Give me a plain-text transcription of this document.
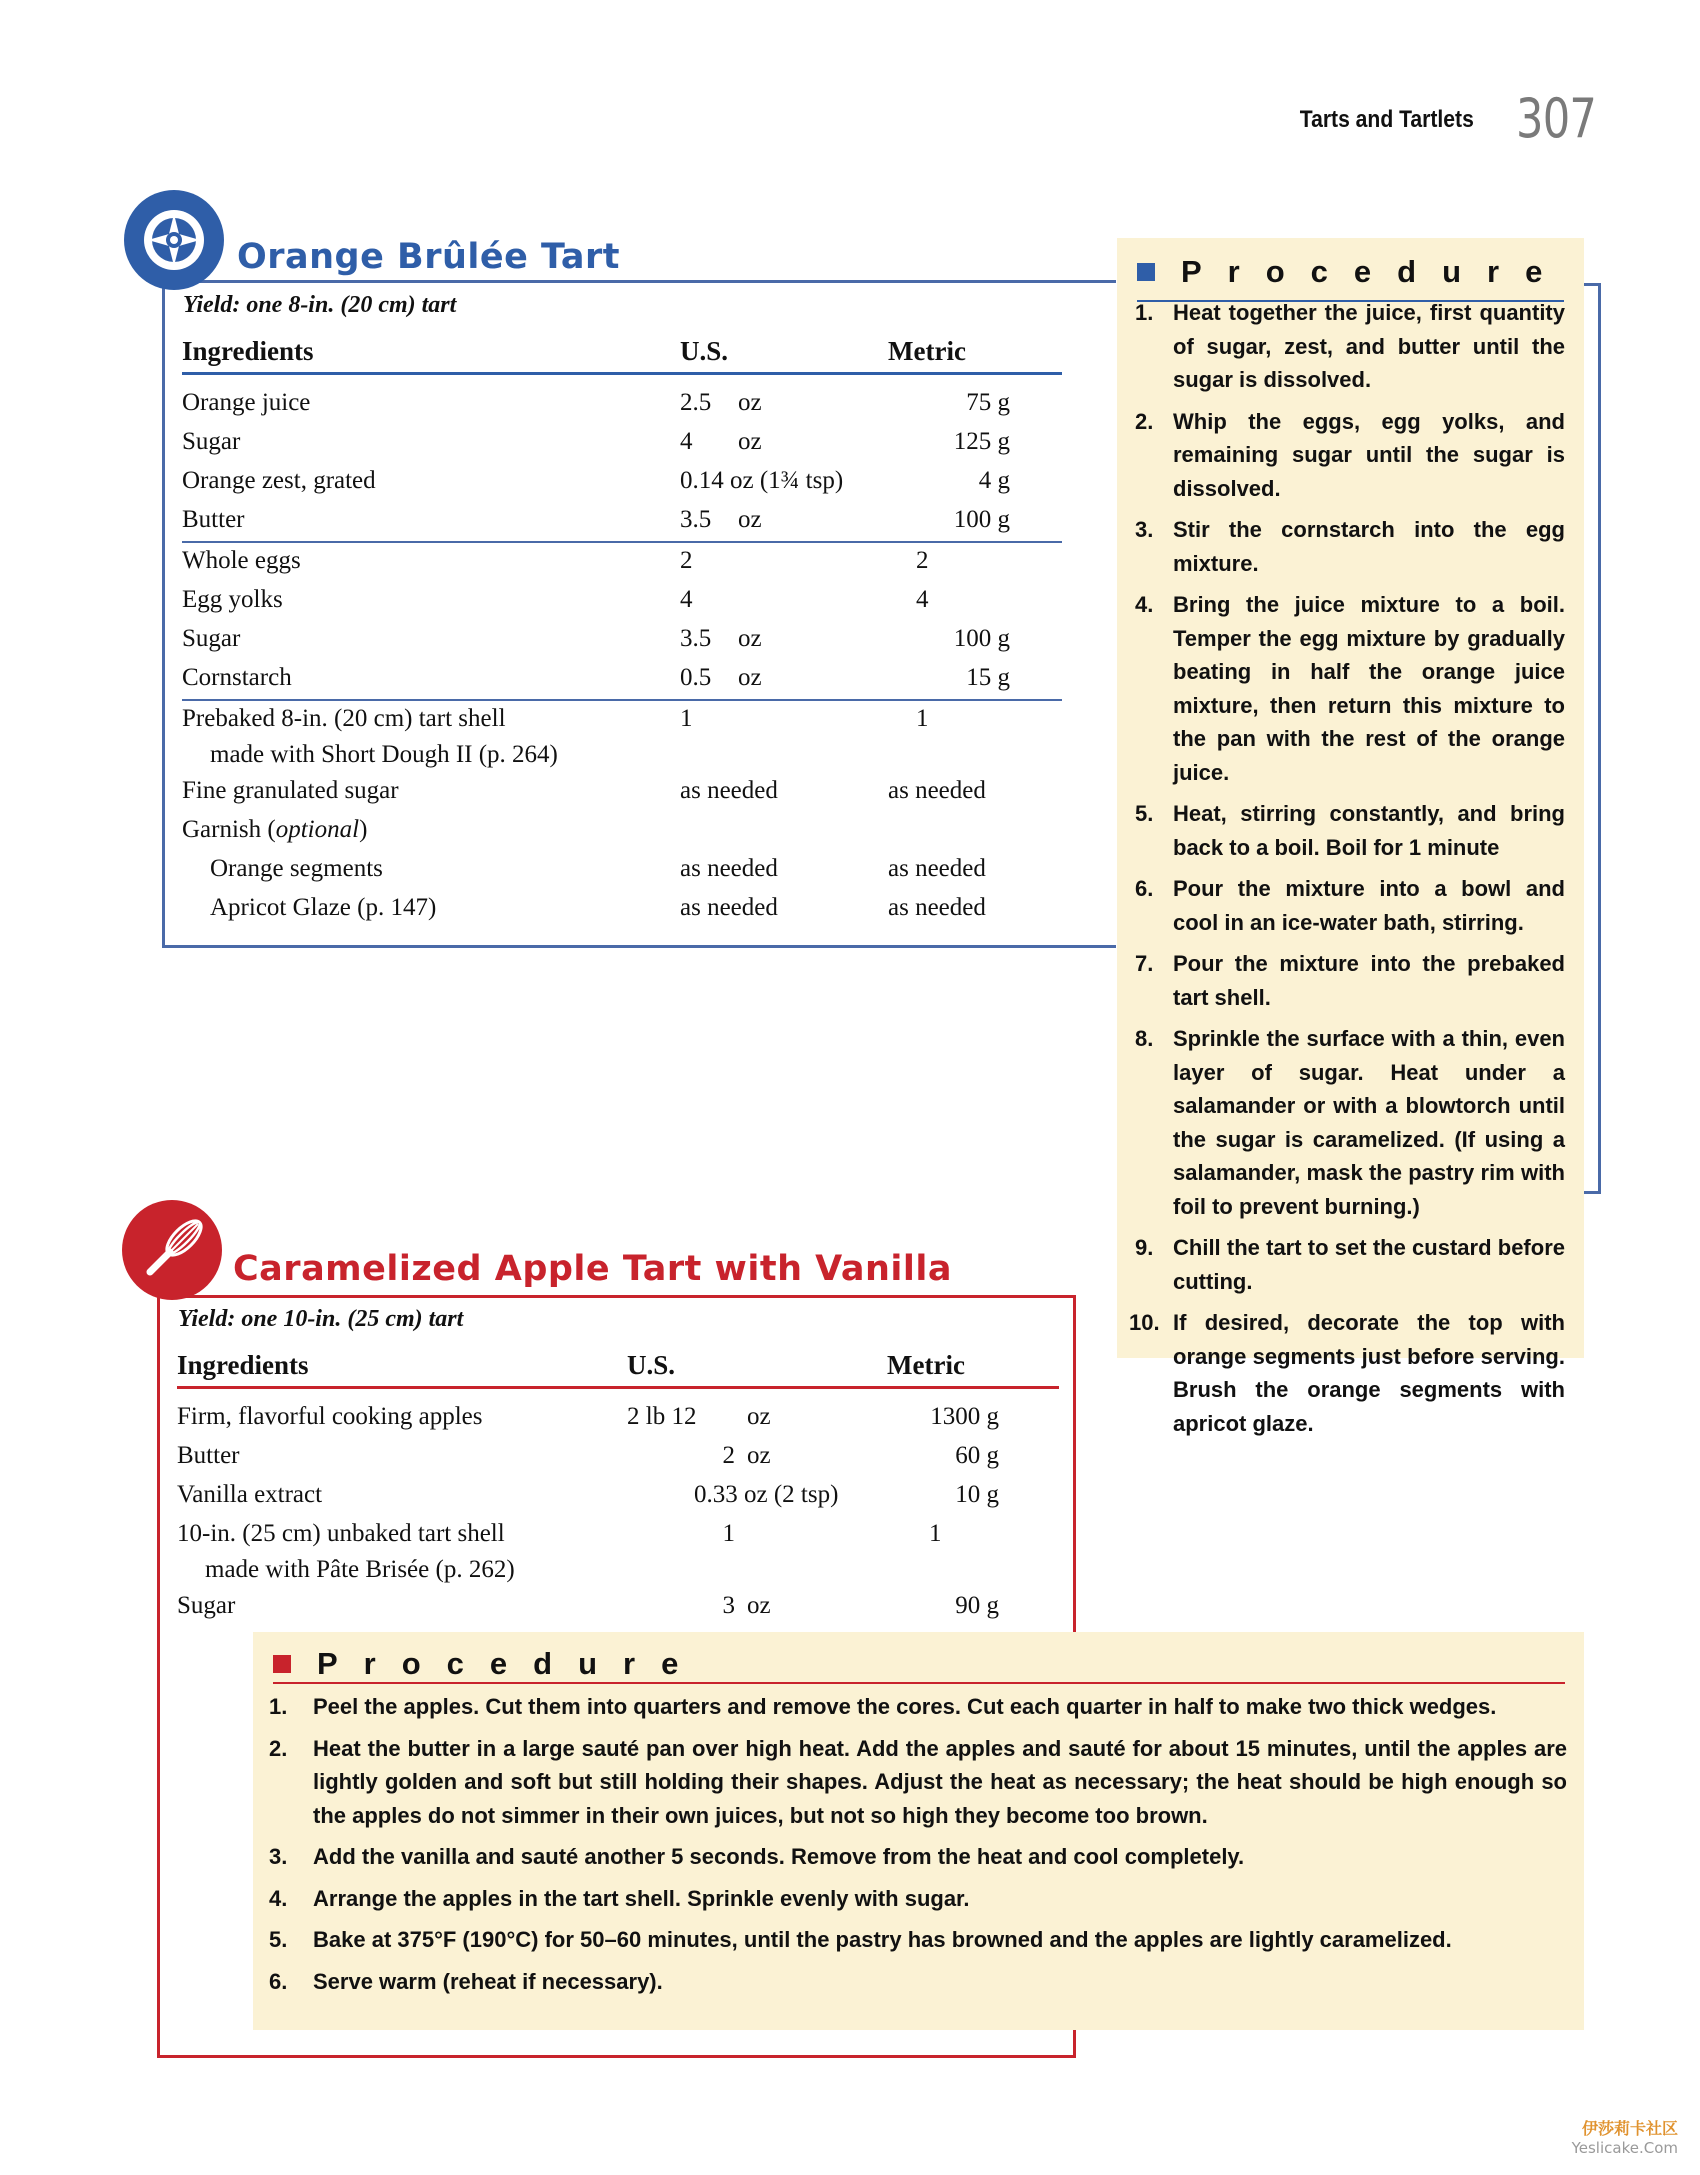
Tarts and Tartlets 307
Orange Brûlée Tart
Yield: one 8-in. (20 cm) tart
Ingredients	U.S.		Metric
Orange juice	2.5	oz	75 g
Sugar	4	oz	125 g
Orange zest, grated	0.14 oz (1¾ tsp)		4 g
Butter	3.5	oz	100 g
Whole eggs	2		2
Egg yolks	4		4
Sugar	3.5	oz	100 g
Cornstarch	0.5	oz	15 g

Prebaked 8-in. (20 cm) tart shell
made with Short Dough II (p. 264)	1		1
Fine granulated sugar	as needed		as needed
Garnish (optional)			
Orange segments	as needed		as needed
Apricot Glaze (p. 147)	as needed		as needed
Procedure
1. Heat together the juice, first quantity of sugar, zest, and butter until the sugar is dissolved.
2. Whip the eggs, egg yolks, and remaining sugar until the sugar is dissolved.
3. Stir the cornstarch into the egg mixture.
4. Bring the juice mixture to a boil. Temper the egg mixture by gradually beating in half the orange juice mixture, then return this mixture to the pan with the rest of the orange juice.
5. Heat, stirring constantly, and bring back to a boil. Boil for 1 minute
6. Pour the mixture into a bowl and cool in an ice-water bath, stirring.
7. Pour the mixture into the prebaked tart shell.
8. Sprinkle the surface with a thin, even layer of sugar. Heat under a salamander or with a blowtorch until the sugar is caramelized. (If using a salamander, mask the pastry rim with foil to prevent burning.)
9. Chill the tart to set the custard before cutting.
10. If desired, decorate the top with orange segments just before serving. Brush the orange segments with apricot glaze.
Caramelized Apple Tart with Vanilla
Yield: one 10-in. (25 cm) tart
Ingredients	U.S.		Metric
Firm, flavorful cooking apples	2 lb 12	oz	1300 g
Butter	2	oz	60 g
Vanilla extract	0.33 oz (2 tsp)		10 g

10-in. (25 cm) unbaked tart shell
made with Pâte Brisée (p. 262)	1		1
Sugar	3	oz	90 g
Procedure
1.	Peel the apples. Cut them into quarters and remove the cores. Cut each quarter in half to make two thick wedges.
2.	Heat the butter in a large sauté pan over high heat. Add the apples and sauté for about 15 minutes, until the apples are lightly golden and soft but still holding their shapes. Adjust the heat as necessary; the heat should be high enough so the apples do not simmer in their own juices, but not so high they become too brown.
3.	Add the vanilla and sauté another 5 seconds. Remove from the heat and cool completely.
4.	Arrange the apples in the tart shell. Sprinkle evenly with sugar.
5.	Bake at 375°F (190°C) for 50–60 minutes, until the pastry has browned and the apples are lightly caramelized.
6.	Serve warm (reheat if necessary).
伊莎莉卡社区
Yeslicake.Com
